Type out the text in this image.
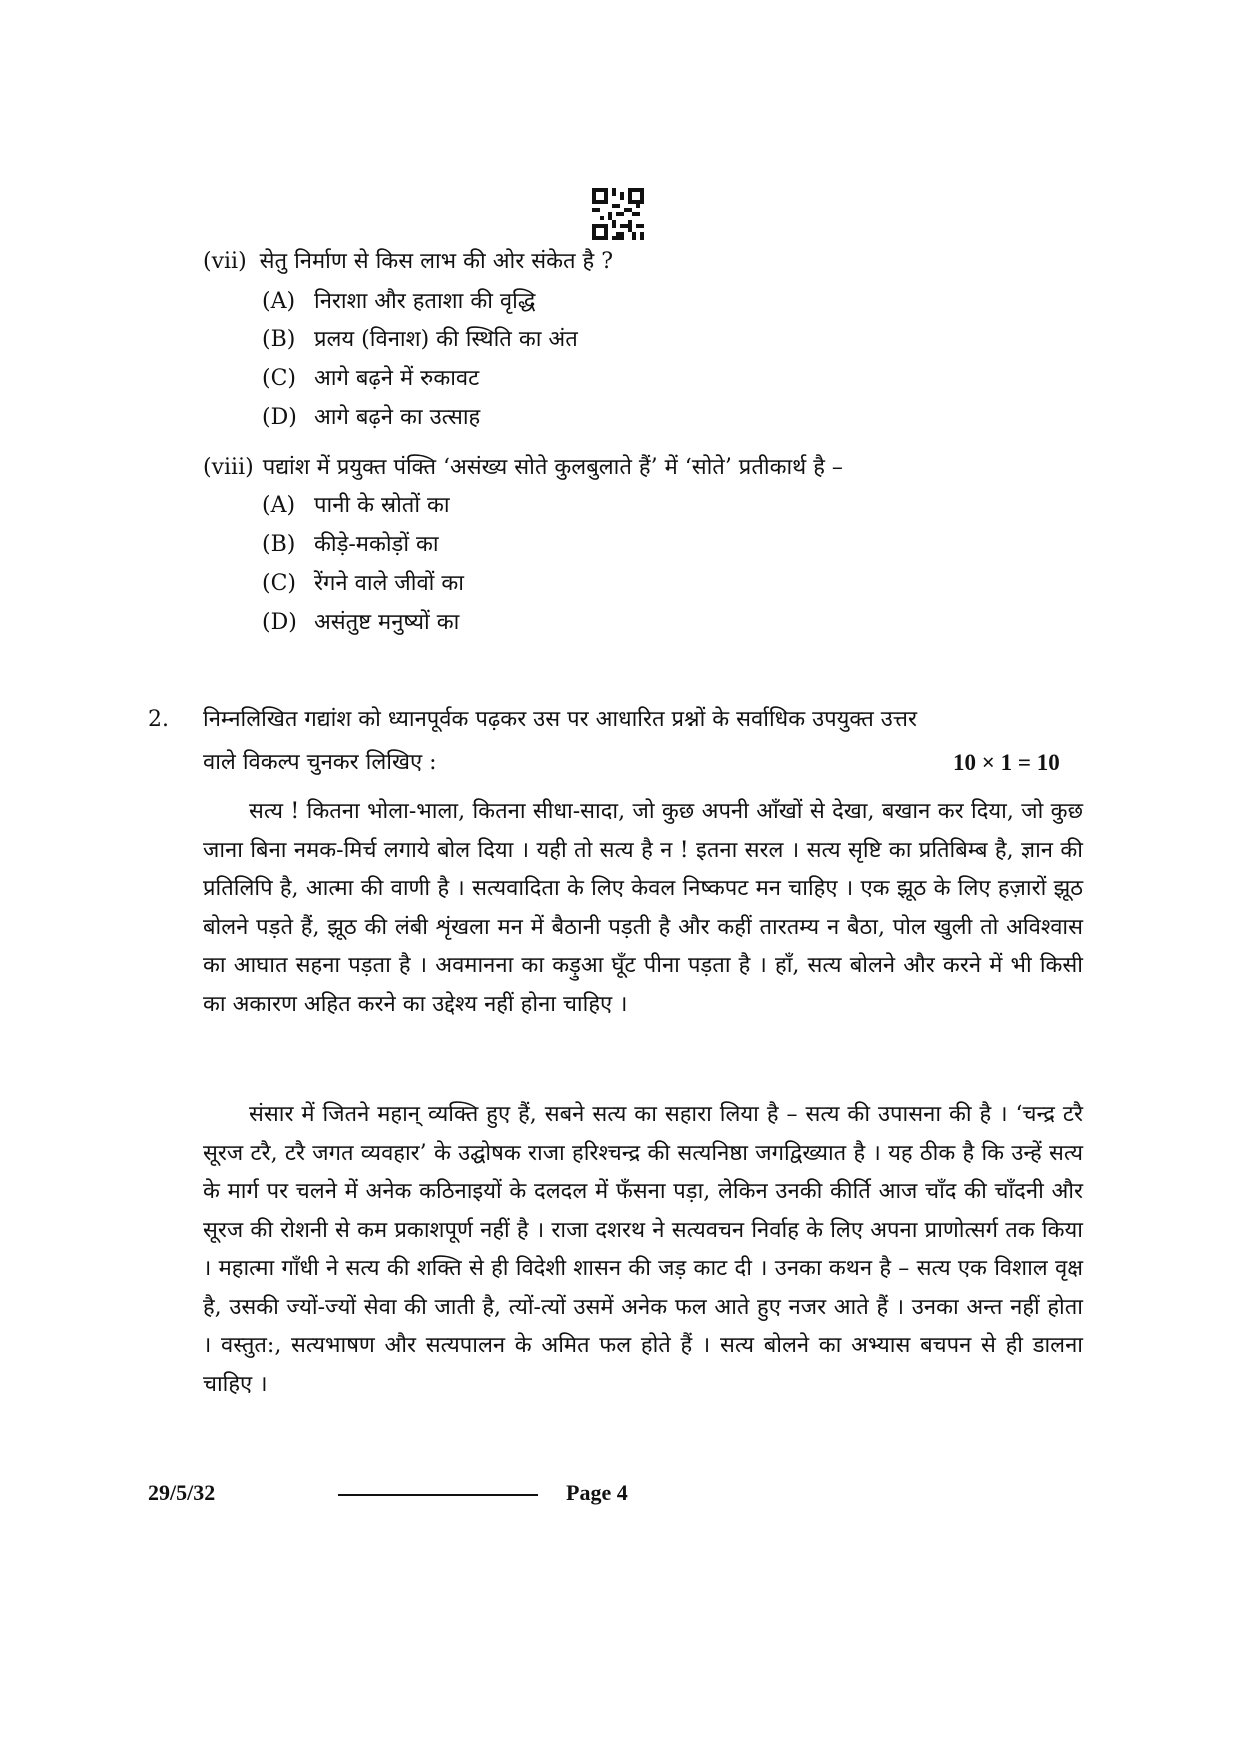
(vii) सेतु निर्माण से किस लाभ की ओर संकेत है ?
(A) निराशा और हताशा की वृद्धि
(B) प्रलय (विनाश) की स्थिति का अंत
(C) आगे बढ़ने में रुकावट
(D) आगे बढ़ने का उत्साह
(viii) पद्यांश में प्रयुक्त पंक्ति ‘असंख्य सोते कुलबुलाते हैं’ में ‘सोते’ प्रतीकार्थ है –
(A) पानी के स्रोतों का
(B) कीड़े-मकोड़ों का
(C) रेंगने वाले जीवों का
(D) असंतुष्ट मनुष्यों का
2. निम्नलिखित गद्यांश को ध्यानपूर्वक पढ़कर उस पर आधारित प्रश्नों के सर्वाधिक उपयुक्त उत्तर
वाले विकल्प चुनकर लिखिए :	10 × 1 = 10

सत्य ! कितना भोला-भाला, कितना सीधा-सादा, जो कुछ अपनी आँखों से देखा, बखान कर दिया, जो कुछ जाना बिना नमक-मिर्च लगाये बोल दिया । यही तो सत्य है न ! इतना सरल । सत्य सृष्टि का प्रतिबिम्ब है, ज्ञान की प्रतिलिपि है, आत्मा की वाणी है । सत्यवादिता के लिए केवल निष्कपट मन चाहिए । एक झूठ के लिए हज़ारों झूठ बोलने पड़ते हैं, झूठ की लंबी शृंखला मन में बैठानी पड़ती है और कहीं तारतम्य न बैठा, पोल खुली तो अविश्वास का आघात सहना पड़ता है । अवमानना का कड़ुआ घूँट पीना पड़ता है । हाँ, सत्य बोलने और करने में भी किसी का अकारण अहित करने का उद्देश्य नहीं होना चाहिए ।

संसार में जितने महान् व्यक्ति हुए हैं, सबने सत्य का सहारा लिया है – सत्य की उपासना की है । ‘चन्द्र टरै सूरज टरै, टरै जगत व्यवहार’ के उद्घोषक राजा हरिश्चन्द्र की सत्यनिष्ठा जगद्विख्यात है । यह ठीक है कि उन्हें सत्य के मार्ग पर चलने में अनेक कठिनाइयों के दलदल में फँसना पड़ा, लेकिन उनकी कीर्ति आज चाँद की चाँदनी और सूरज की रोशनी से कम प्रकाशपूर्ण नहीं है । राजा दशरथ ने सत्यवचन निर्वाह के लिए अपना प्राणोत्सर्ग तक किया । महात्मा गाँधी ने सत्य की शक्ति से ही विदेशी शासन की जड़ काट दी । उनका कथन है – सत्य एक विशाल वृक्ष है, उसकी ज्यों-ज्यों सेवा की जाती है, त्यों-त्यों उसमें अनेक फल आते हुए नजर आते हैं । उनका अन्त नहीं होता । वस्तुत:, सत्यभाषण और सत्यपालन के अमित फल होते हैं । सत्य बोलने का अभ्यास बचपन से ही डालना चाहिए ।

29/5/32	Page 4
